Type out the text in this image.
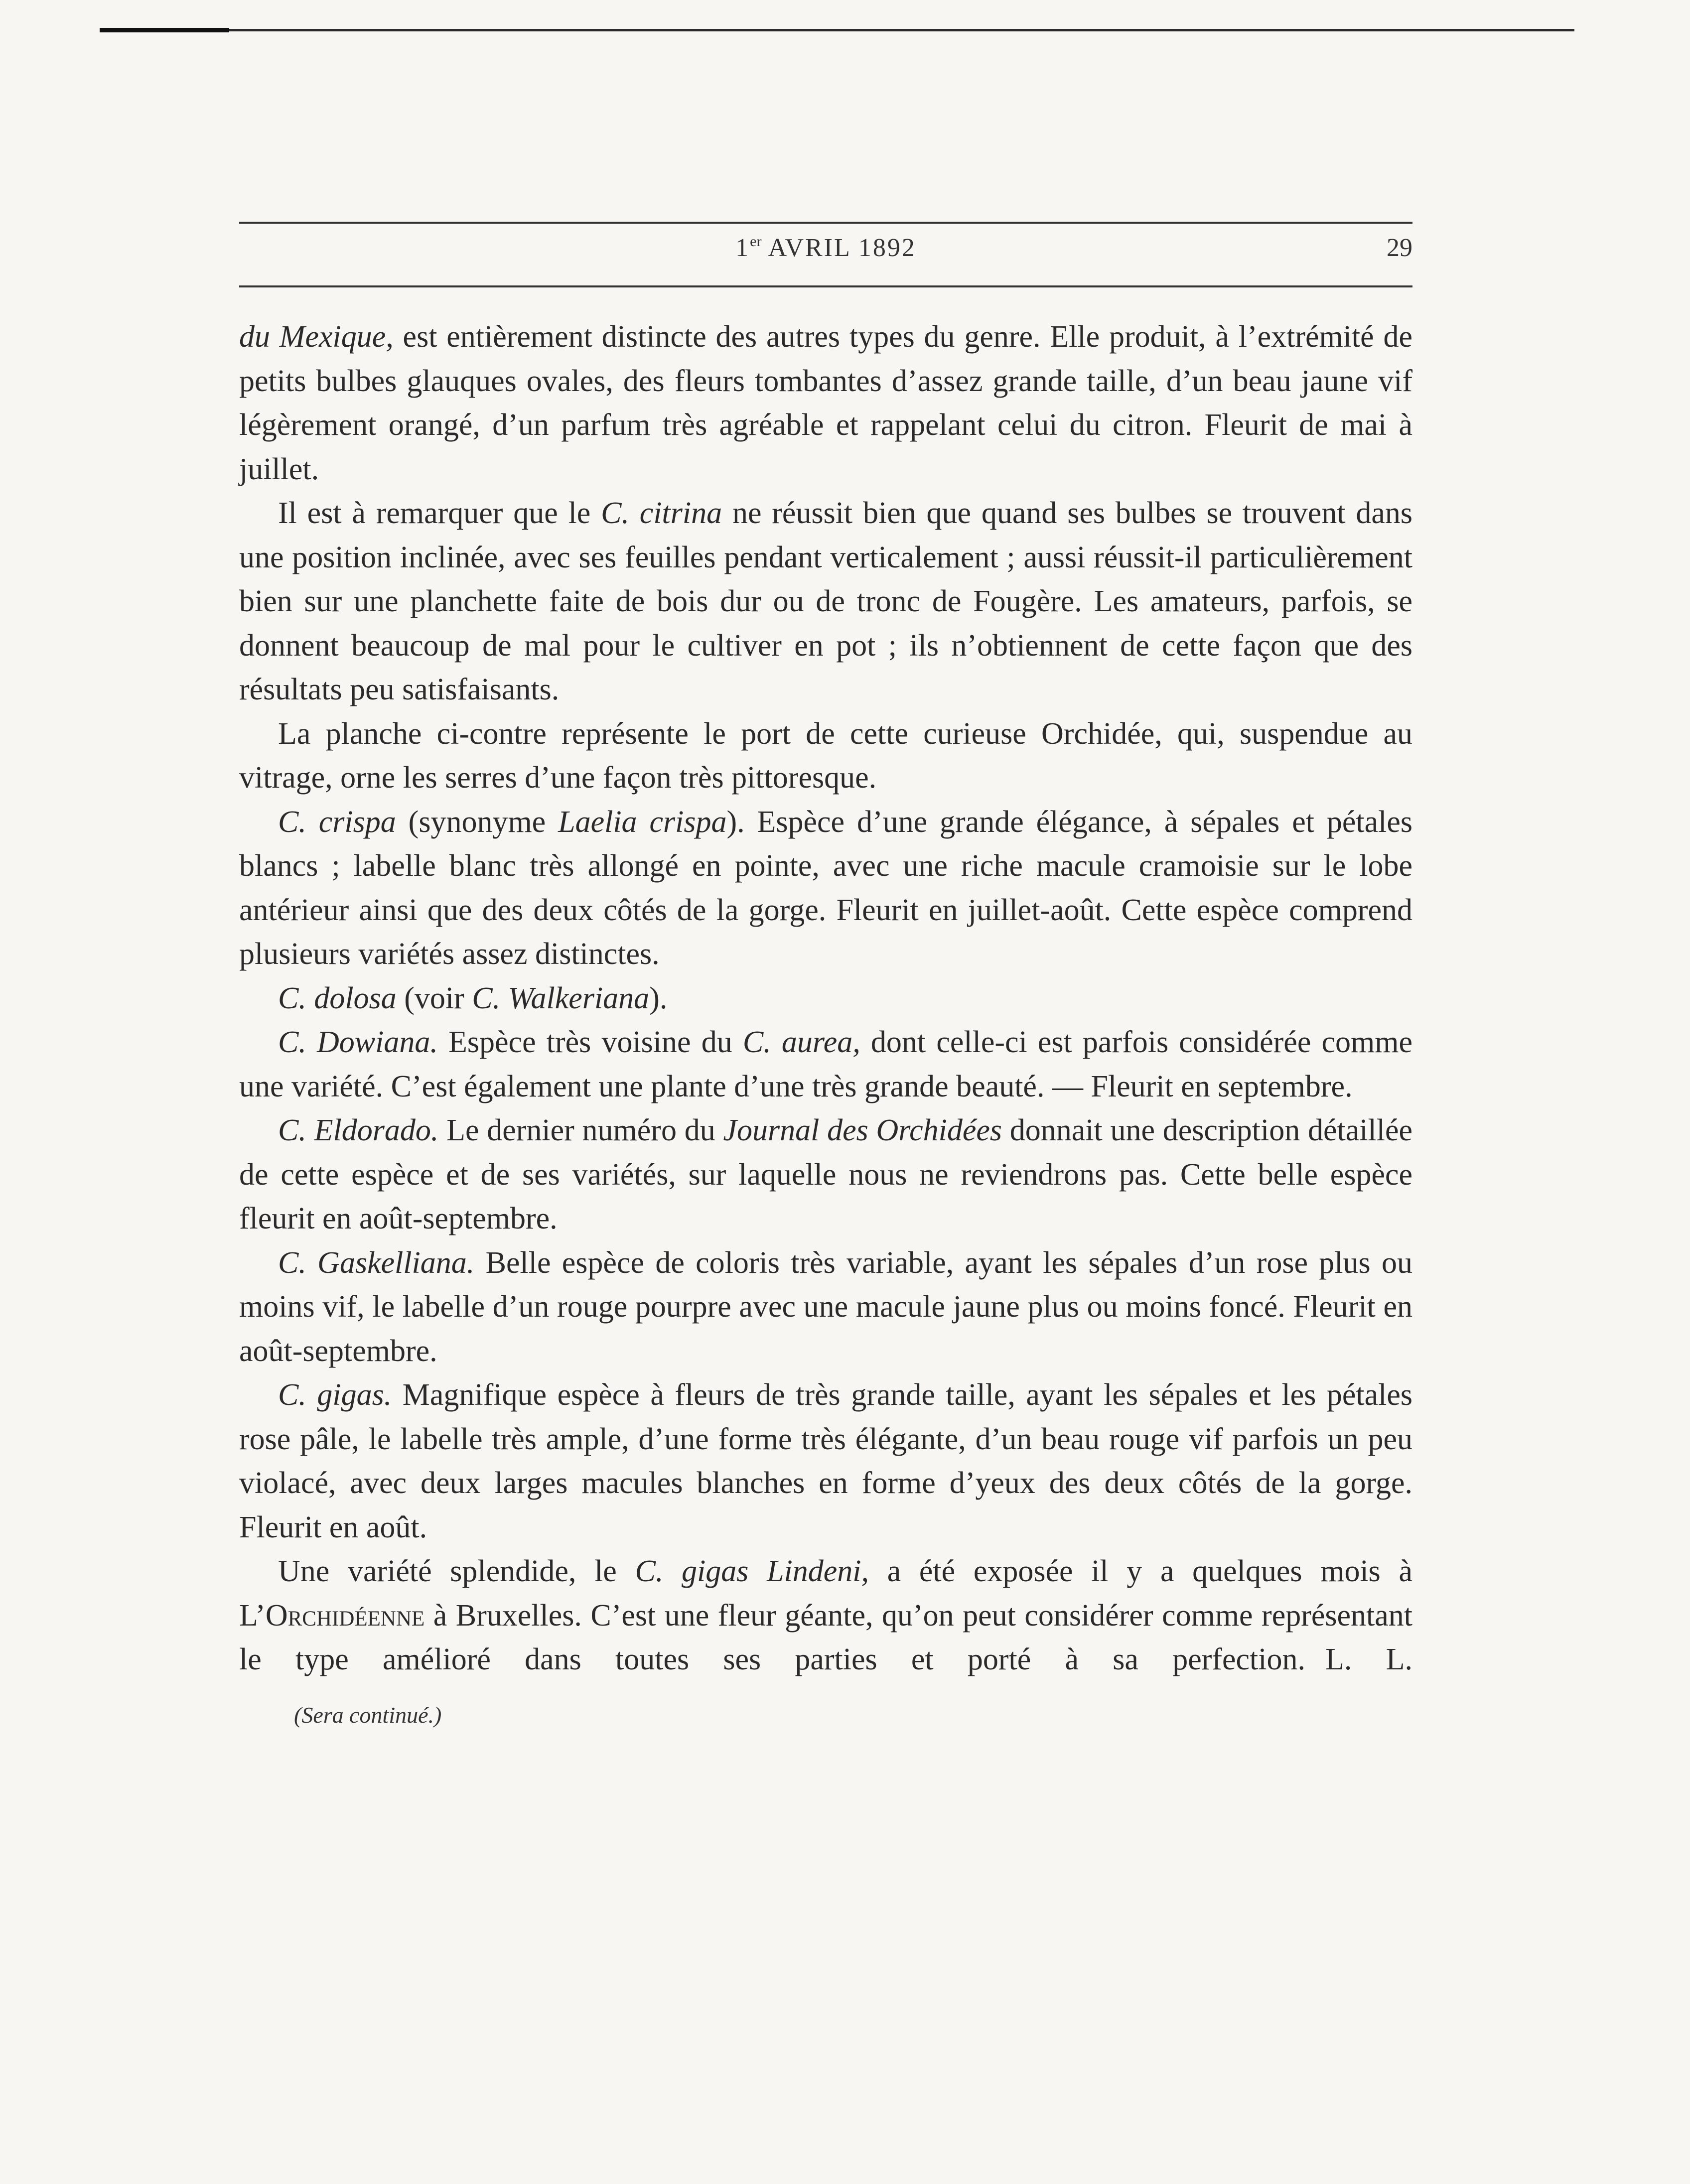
1er AVRIL 1892	29

du Mexique, est entièrement distincte des autres types du genre. Elle produit, à l’extrémité de petits bulbes glauques ovales, des fleurs tombantes d’assez grande taille, d’un beau jaune vif légèrement orangé, d’un parfum très agréable et rappelant celui du citron. Fleurit de mai à juillet.

Il est à remarquer que le C. citrina ne réussit bien que quand ses bulbes se trouvent dans une position inclinée, avec ses feuilles pendant verticalement ; aussi réussit-il particulièrement bien sur une planchette faite de bois dur ou de tronc de Fougère. Les amateurs, parfois, se donnent beaucoup de mal pour le cultiver en pot ; ils n’obtiennent de cette façon que des résultats peu satisfaisants.

La planche ci-contre représente le port de cette curieuse Orchidée, qui, suspendue au vitrage, orne les serres d’une façon très pittoresque.

C. crispa (synonyme Laelia crispa). Espèce d’une grande élégance, à sépales et pétales blancs ; labelle blanc très allongé en pointe, avec une riche macule cramoisie sur le lobe antérieur ainsi que des deux côtés de la gorge. Fleurit en juillet-août. Cette espèce comprend plusieurs variétés assez distinctes.

C. dolosa (voir C. Walkeriana).

C. Dowiana. Espèce très voisine du C. aurea, dont celle-ci est parfois considérée comme une variété. C’est également une plante d’une très grande beauté. — Fleurit en septembre.

C. Eldorado. Le dernier numéro du Journal des Orchidées donnait une description détaillée de cette espèce et de ses variétés, sur laquelle nous ne reviendrons pas. Cette belle espèce fleurit en août-septembre.

C. Gaskelliana. Belle espèce de coloris très variable, ayant les sépales d’un rose plus ou moins vif, le labelle d’un rouge pourpre avec une macule jaune plus ou moins foncé. Fleurit en août-septembre.

C. gigas. Magnifique espèce à fleurs de très grande taille, ayant les sépales et les pétales rose pâle, le labelle très ample, d’une forme très élégante, d’un beau rouge vif parfois un peu violacé, avec deux larges macules blanches en forme d’yeux des deux côtés de la gorge. Fleurit en août.

Une variété splendide, le C. gigas Lindeni, a été exposée il y a quelques mois à L’Orchidéenne à Bruxelles. C’est une fleur géante, qu’on peut considérer comme représentant le type amélioré dans toutes ses parties et porté à sa perfection. L. L.

(Sera continué.)
